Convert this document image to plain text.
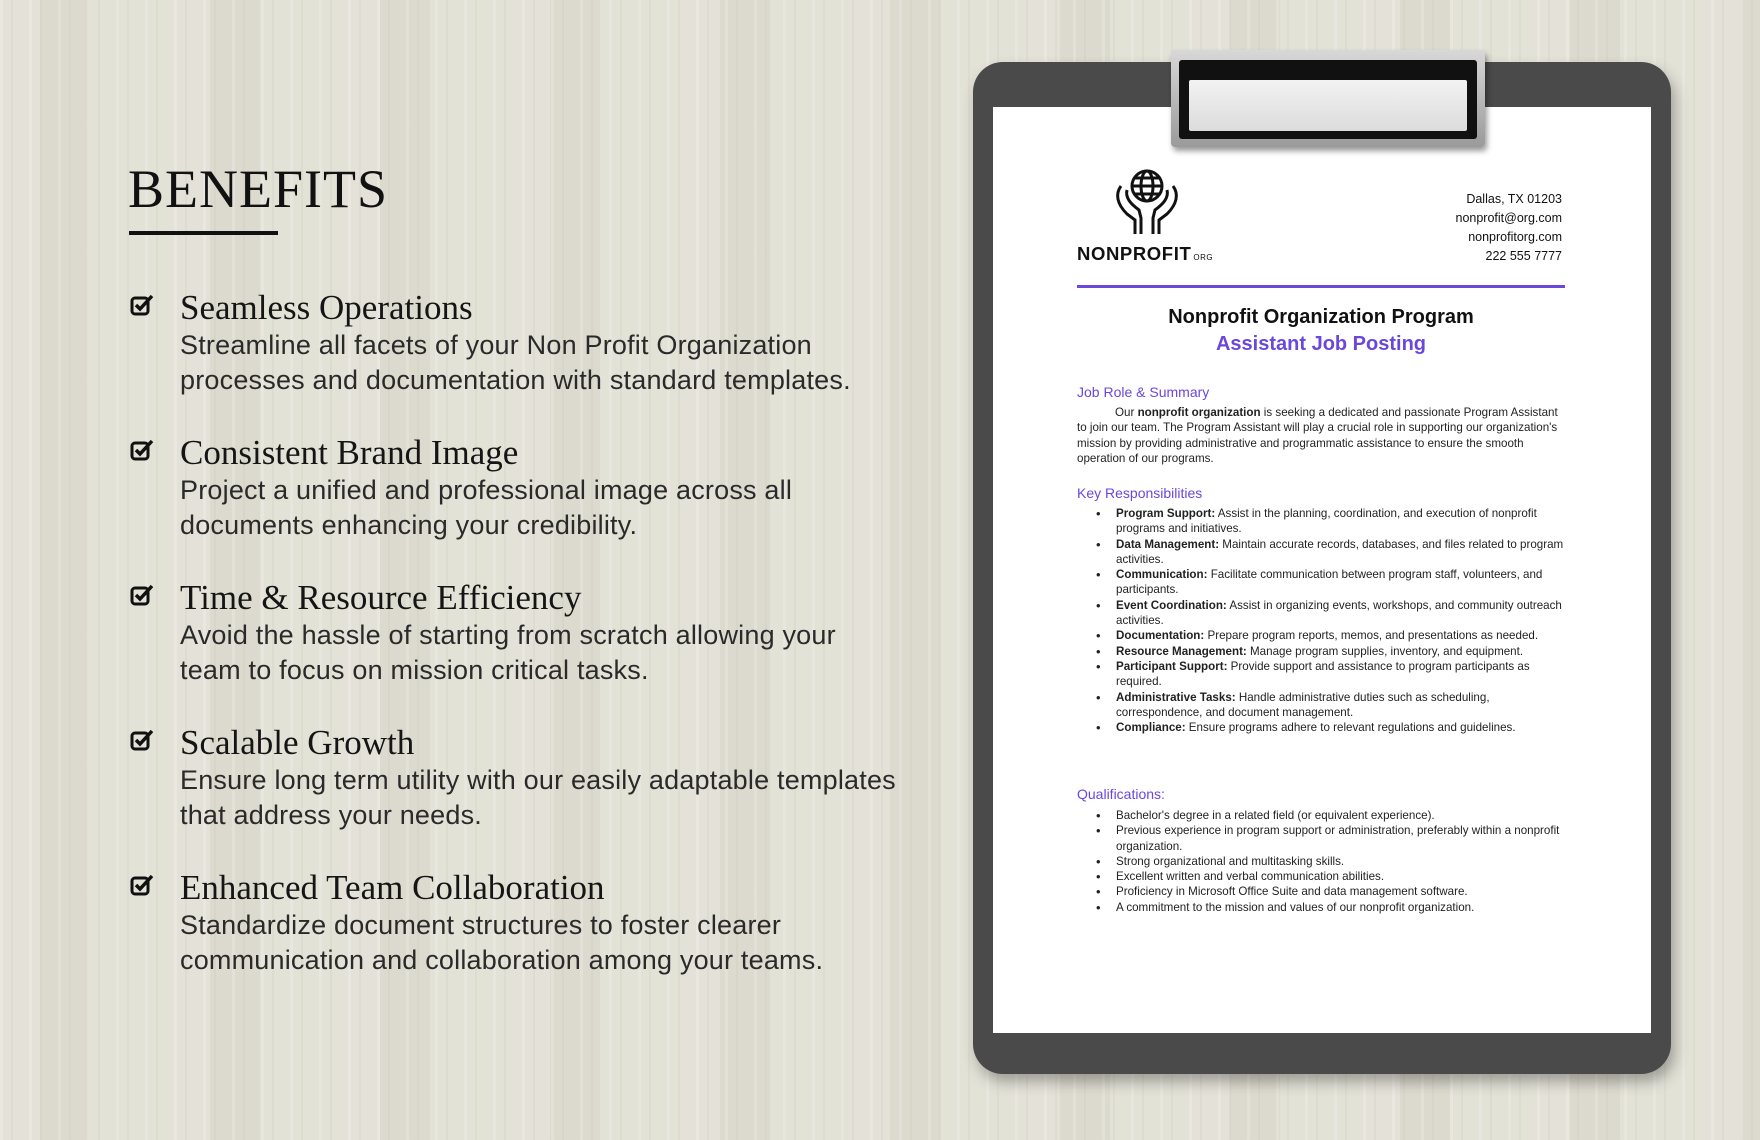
BENEFITS
Seamless Operations
Streamline all facets of your Non Profit Organization processes and documentation with standard templates.
Consistent Brand Image
Project a unified and professional image across all documents enhancing your credibility.
Time & Resource Efficiency
Avoid the hassle of starting from scratch allowing your team to focus on mission critical tasks.
Scalable Growth
Ensure long term utility with our easily adaptable templates that address your needs.
Enhanced Team Collaboration
Standardize document structures to foster clearer communication and collaboration among your teams.
NONPROFIT ORG
Dallas, TX 01203
nonprofit@org.com
nonprofitorg.com
222 555 7777
Nonprofit Organization Program
Assistant Job Posting
Job Role & Summary
Our nonprofit organization is seeking a dedicated and passionate Program Assistant to join our team. The Program Assistant will play a crucial role in supporting our organization's mission by providing administrative and programmatic assistance to ensure the smooth operation of our programs.
Key Responsibilities
• Program Support: Assist in the planning, coordination, and execution of nonprofit programs and initiatives.
• Data Management: Maintain accurate records, databases, and files related to program activities.
• Communication: Facilitate communication between program staff, volunteers, and participants.
• Event Coordination: Assist in organizing events, workshops, and community outreach activities.
• Documentation: Prepare program reports, memos, and presentations as needed.
• Resource Management: Manage program supplies, inventory, and equipment.
• Participant Support: Provide support and assistance to program participants as required.
• Administrative Tasks: Handle administrative duties such as scheduling, correspondence, and document management.
• Compliance: Ensure programs adhere to relevant regulations and guidelines.
Qualifications:
• Bachelor's degree in a related field (or equivalent experience).
• Previous experience in program support or administration, preferably within a nonprofit organization.
• Strong organizational and multitasking skills.
• Excellent written and verbal communication abilities.
• Proficiency in Microsoft Office Suite and data management software.
• A commitment to the mission and values of our nonprofit organization.
